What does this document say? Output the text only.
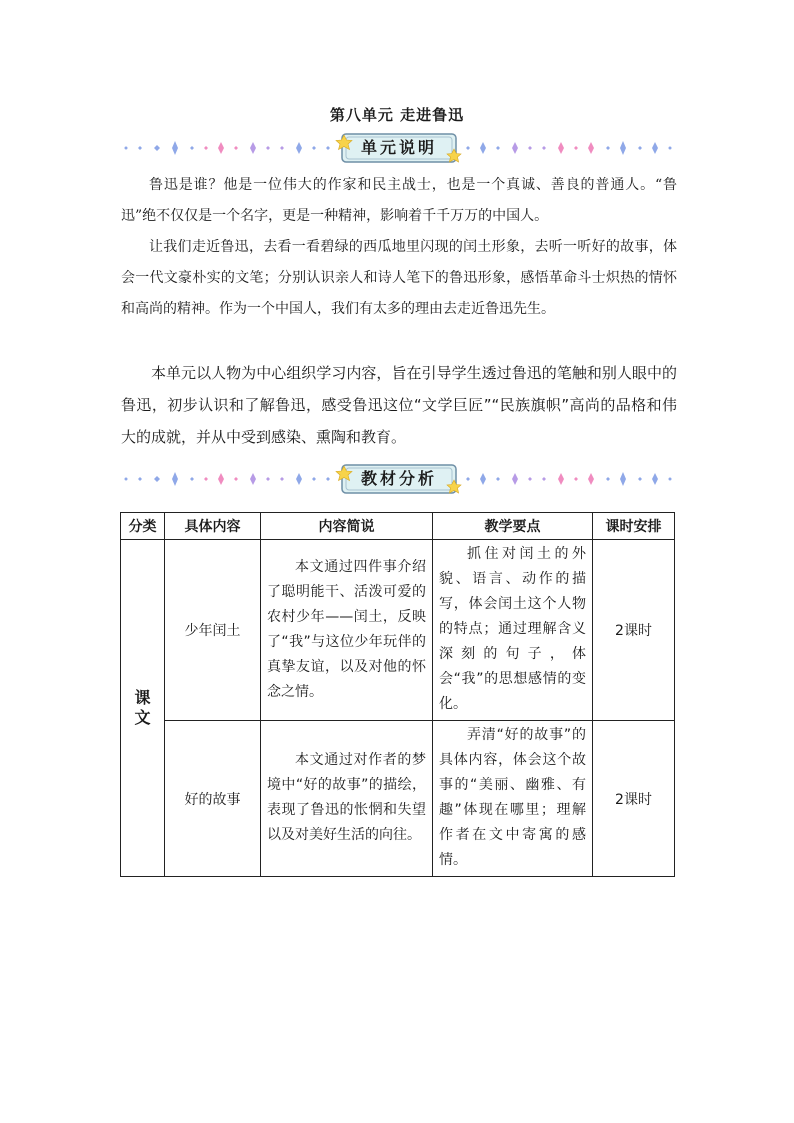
第八单元 走进鲁迅
单元说明

鲁迅是谁？他是一位伟大的作家和民主战士，也是一个真诚、善良的普通人。“鲁迅”绝不仅仅是一个名字，更是一种精神，影响着千千万万的中国人。

让我们走近鲁迅，去看一看碧绿的西瓜地里闪现的闰土形象，去听一听好的故事，体会一代文豪朴实的文笔；分别认识亲人和诗人笔下的鲁迅形象，感悟革命斗士炽热的情怀和高尚的精神。作为一个中国人，我们有太多的理由去走近鲁迅先生。

本单元以人物为中心组织学习内容，旨在引导学生透过鲁迅的笔触和别人眼中的鲁迅，初步认识和了解鲁迅，感受鲁迅这位“文学巨匠”“民族旗帜”高尚的品格和伟大的成就，并从中受到感染、熏陶和教育。

教材分析
分类	具体内容	内容简说	教学要点	课时安排

课文	少年闰土	本文通过四件事介绍了聪明能干、活泼可爱的农村少年——闰土，反映了“我”与这位少年玩伴的真挚友谊，以及对他的怀念之情。	抓住对闰土的外貌、语言、动作的描写，体会闰土这个人物的特点；通过理解含义深刻的句子，体会“我”的思想感情的变化。	2课时
	好的故事	本文通过对作者的梦境中“好的故事”的描绘，表现了鲁迅的怅惘和失望以及对美好生活的向往。	弄清“好的故事”的具体内容，体会这个故事的“美丽、幽雅、有趣”体现在哪里；理解作者在文中寄寓的感情。	2课时
